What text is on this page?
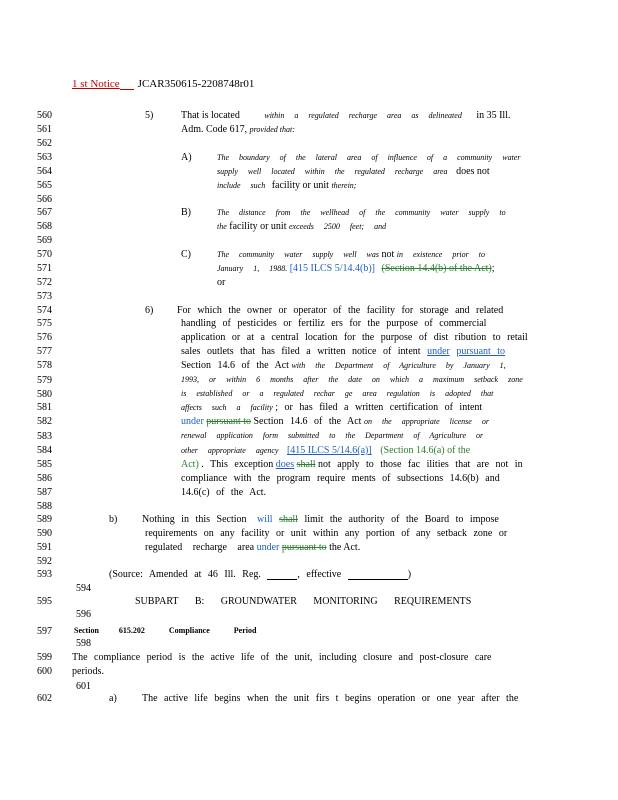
1 st Notice JCAR350615-2208748r01
560
561
562
563
564
565
566
567
568
569
570
571
572
573
574
575
576
577
578
579
580
581
582
583
584
585
586
587
588
589
590
591
592
593
594
596
598
601
595
597
599
600
602
5)	That is located	within a regulated recharge area as delineated in 35 Ill.
Adm. Code 617, provided that:
A)	The boundary of the lateral area of influence of a community water
supply well located within the regulated recharge area does not
include such facility or unit therein;
B)	The distance from the wellhead of the community water supply to
the facility or unit exceeds 2500 feet; and
C)	The community water supply well was not in existence prior to
January 1, 1988. [415 ILCS 5/14.4(b)] (Section 14.4(b) of the Act);
or
6) For which the owner or operator of the facility for storage and related
handling of pesticides or fertiliz ers for the purpose of commercial
application or at a central location for the purpose of dist ribution to retail
sales outlets that has filed a written notice of intent under pursuant to
Section 14.6 of the Act with the Department of Agriculture by January 1,
1993, or within 6 months after the date on which a maximum setback zone
is established or a regulated rechar ge area regulation is adopted that
affects such a facility ; or has filed a written certification of intent
under pursuant to Section 14.6 of the Act on the appropriate license or
renewal application form submitted to the Department of Agriculture or
other appropriate agency [415 ILCS 5/14.6(a)] (Section 14.6(a) of the
Act) . This exception does shall not apply to those fac ilities that are not in
compliance with the program require ments of subsections 14.6(b) and
14.6(c) of the Act.
b) Nothing in this Section will shall limit the authority of the Board to impose
requirements on any facility or unit within any portion of any setback zone or
regulated recharge area under pursuant to the Act.
(Source: Amended at 46 Ill. Reg.	, effective	)
SUBPART B: GROUNDWATER MONITORING REQUIREMENTS
Section	615.202	Compliance Period
The compliance period is the active life of the unit, including closure and post-closure care
periods.
a)	The active life begins when the unit firs t begins operation or one year after the
